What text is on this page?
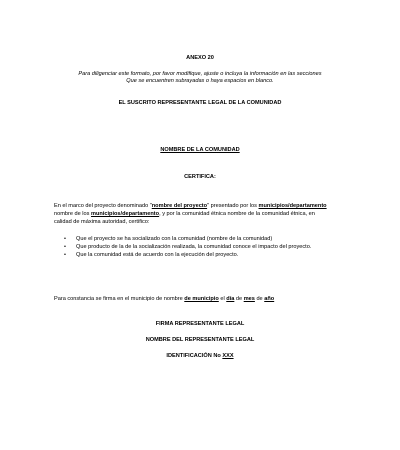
ANEXO 20
Para diligenciar este formato, por favor modifique, ajuste o incluya la información en las secciones
Que se encuentren subrayadas o haya espacios en blanco.
EL SUSCRITO REPRESENTANTE LEGAL DE LA COMUNIDAD
NOMBRE DE LA COMUNIDAD
CERTIFICA:
En el marco del proyecto denominado "nombre del proyecto" presentado por los municipios/departamento
nombre de los municipios/departamento, y por la comunidad étnica nombre de la comunidad étnica, en
calidad de máxima autoridad, certifico:
•	Que el proyecto se ha socializado con la comunidad (nombre de la comunidad)
•	Que producto de la de la socialización realizada, la comunidad conoce el impacto del proyecto.
•	Que la comunidad está de acuerdo con la ejecución del proyecto.
Para constancia se firma en el municipio de nombre de municipio el día de mes de año
FIRMA REPRESENTANTE LEGAL
NOMBRE DEL REPRESENTANTE LEGAL
IDENTIFICACIÓN No XXX
